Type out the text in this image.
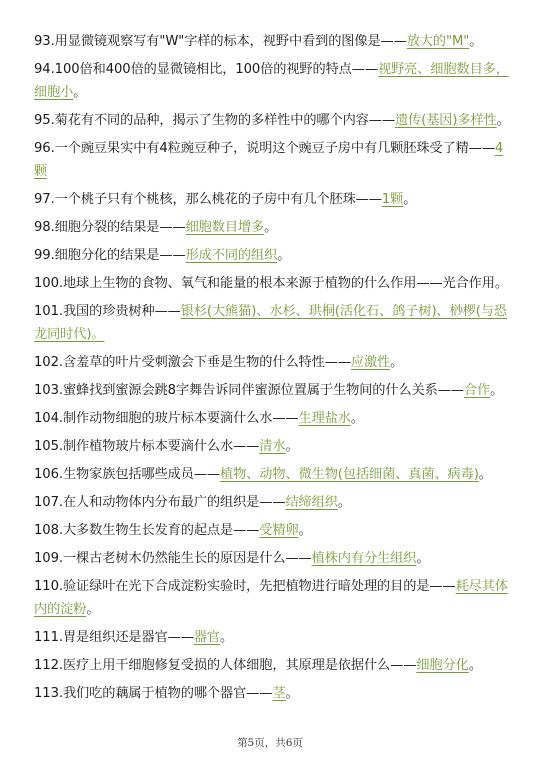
93.用显微镜观察写有"W"字样的标本，视野中看到的图像是——放大的"M"。
94.100倍和400倍的显微镜相比，100倍的视野的特点——视野亮、细胞数目多，细胞小。
95.菊花有不同的品种，揭示了生物的多样性中的哪个内容——遗传(基因)多样性。
96.一个豌豆果实中有4粒豌豆种子，说明这个豌豆子房中有几颗胚珠受了精——4颗
97.一个桃子只有个桃核，那么桃花的子房中有几个胚珠——1颗。
98.细胞分裂的结果是——细胞数目增多。
99.细胞分化的结果是——形成不同的组织。
100.地球上生物的食物、氧气和能量的根本来源于植物的什么作用——光合作用。
101.我国的珍贵树种——银杉(大熊猫)、水杉、珙桐(活化石、鸽子树)、桫椤(与恐龙同时代)。
102.含羞草的叶片受刺激会下垂是生物的什么特性——应激性。
103.蜜蜂找到蜜源会跳8字舞告诉同伴蜜源位置属于生物间的什么关系——合作。
104.制作动物细胞的玻片标本要滴什么水——生理盐水。
105.制作植物玻片标本要滴什么水——清水。
106.生物家族包括哪些成员——植物、动物、微生物(包括细菌、真菌、病毒)。
107.在人和动物体内分布最广的组织是——结缔组织。
108.大多数生物生长发育的起点是——受精卵。
109.一棵古老树木仍然能生长的原因是什么——植株内有分生组织。
110.验证绿叶在光下合成淀粉实验时，先把植物进行暗处理的目的是——耗尽其体内的淀粉。
111.胃是组织还是器官——器官。
112.医疗上用干细胞修复受损的人体细胞，其原理是依据什么——细胞分化。
113.我们吃的藕属于植物的哪个器官——茎。
第5页，共6页
